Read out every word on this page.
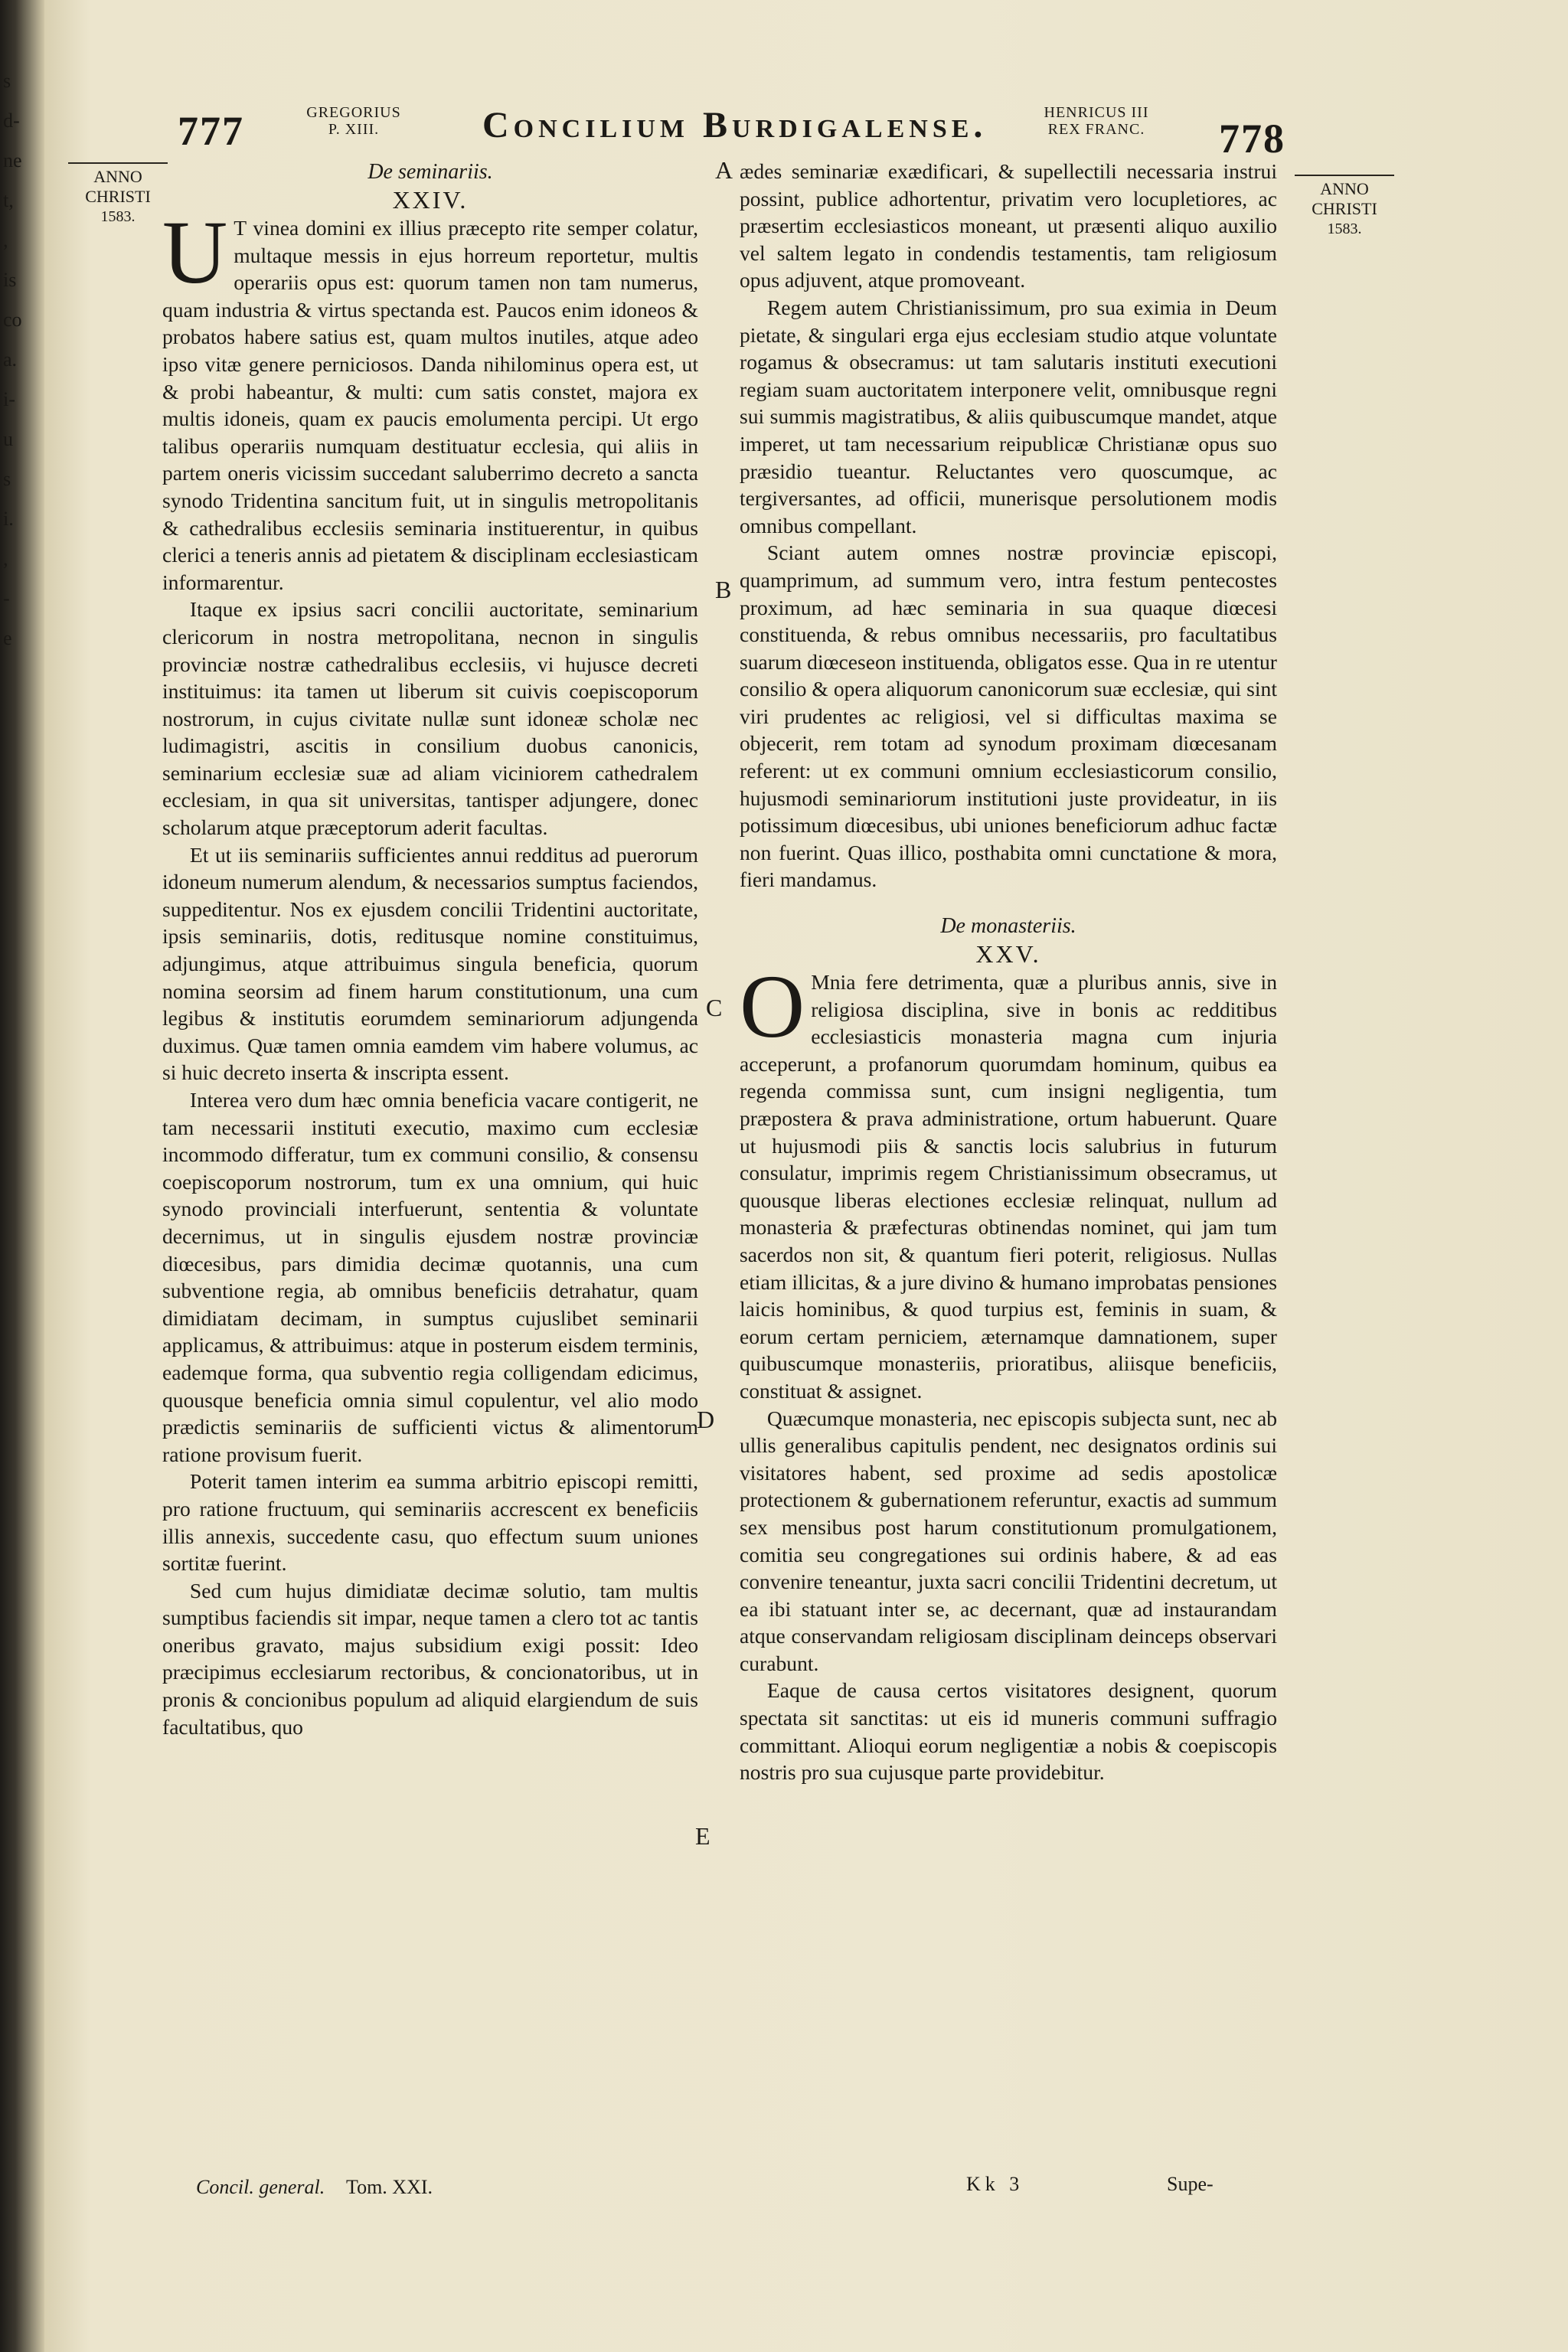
s
d-
ne
t,
,
is
co
a.
i-
u
s
i.
,
-
e
777	GREGORIUS
P. XIII.	Concilium Burdigalense.	HENRICUS III
REX FRANC.	778
ANNO
CHRISTI
1583.
ANNO
CHRISTI
1583.
De seminariis.
XXIV.

U T vinea domini ex illius præcepto rite semper colatur, multaque messis in ejus horreum reportetur, multis operariis opus est: quorum tamen non tam numerus, quam industria & virtus spectanda est. Paucos enim idoneos & probatos habere satius est, quam multos inutiles, atque adeo ipso vitæ genere perniciosos. Danda nihilominus opera est, ut & probi habeantur, & multi: cum satis constet, majora ex multis idoneis, quam ex paucis emolumenta percipi. Ut ergo talibus operariis numquam destituatur ecclesia, qui aliis in partem oneris vicissim succedant saluberrimo decreto a sancta synodo Tridentina sancitum fuit, ut in singulis metropolitanis & cathedralibus ecclesiis seminaria instituerentur, in quibus clerici a teneris annis ad pietatem & disciplinam ecclesiasticam informarentur.

Itaque ex ipsius sacri concilii auctoritate, seminarium clericorum in nostra metropolitana, necnon in singulis provinciæ nostræ cathedralibus ecclesiis, vi hujusce decreti instituimus: ita tamen ut liberum sit cuivis coepiscoporum nostrorum, in cujus civitate nullæ sunt idoneæ scholæ nec ludimagistri, ascitis in consilium duobus canonicis, seminarium ecclesiæ suæ ad aliam viciniorem cathedralem ecclesiam, in qua sit universitas, tantisper adjungere, donec scholarum atque præceptorum aderit facultas.

Et ut iis seminariis sufficientes annui redditus ad puerorum idoneum numerum alendum, & necessarios sumptus faciendos, suppeditentur. Nos ex ejusdem concilii Tridentini auctoritate, ipsis seminariis, dotis, reditusque nomine constituimus, adjungimus, atque attribuimus singula beneficia, quorum nomina seorsim ad finem harum constitutionum, una cum legibus & institutis eorumdem seminariorum adjungenda duximus. Quæ tamen omnia eamdem vim habere volumus, ac si huic decreto inserta & inscripta essent.

Interea vero dum hæc omnia beneficia vacare contigerit, ne tam necessarii instituti executio, maximo cum ecclesiæ incommodo differatur, tum ex communi consilio, & consensu coepiscoporum nostrorum, tum ex una omnium, qui huic synodo provinciali interfuerunt, sententia & voluntate decernimus, ut in singulis ejusdem nostræ provinciæ diœcesibus, pars dimidia decimæ quotannis, una cum subventione regia, ab omnibus beneficiis detrahatur, quam dimidiatam decimam, in sumptus cujuslibet seminarii applicamus, & attribuimus: atque in posterum eisdem terminis, eademque forma, qua subventio regia colligendam edicimus, quousque beneficia omnia simul copulentur, vel alio modo prædictis seminariis de sufficienti victus & alimentorum ratione provisum fuerit.

Poterit tamen interim ea summa arbitrio episcopi remitti, pro ratione fructuum, qui seminariis accrescent ex beneficiis illis annexis, succedente casu, quo effectum suum uniones sortitæ fuerint.

Sed cum hujus dimidiatæ decimæ solutio, tam multis sumptibus faciendis sit impar, neque tamen a clero tot ac tantis oneribus gravato, majus subsidium exigi possit: Ideo præcipimus ecclesiarum rectoribus, & concionatoribus, ut in pronis & concionibus populum ad aliquid elargiendum de suis facultatibus, quo

ædes seminariæ exædificari, & supellectili necessaria instrui possint, publice adhortentur, privatim vero locupletiores, ac præsertim ecclesiasticos moneant, ut præsenti aliquo auxilio vel saltem legato in condendis testamentis, tam religiosum opus adjuvent, atque promoveant.

Regem autem Christianissimum, pro sua eximia in Deum pietate, & singulari erga ejus ecclesiam studio atque voluntate rogamus & obsecramus: ut tam salutaris instituti executioni regiam suam auctoritatem interponere velit, omnibusque regni sui summis magistratibus, & aliis quibuscumque mandet, atque imperet, ut tam necessarium reipublicæ Christianæ opus suo præsidio tueantur. Reluctantes vero quoscumque, ac tergiversantes, ad officii, munerisque persolutionem modis omnibus compellant.

Sciant autem omnes nostræ provinciæ episcopi, quamprimum, ad summum vero, intra festum pentecostes proximum, ad hæc seminaria in sua quaque diœcesi constituenda, & rebus omnibus necessariis, pro facultatibus suarum diœceseon instituenda, obligatos esse. Qua in re utentur consilio & opera aliquorum canonicorum suæ ecclesiæ, qui sint viri prudentes ac religiosi, vel si difficultas maxima se objecerit, rem totam ad synodum proximam diœcesanam referent: ut ex communi omnium ecclesiasticorum consilio, hujusmodi seminariorum institutioni juste provideatur, in iis potissimum diœcesibus, ubi uniones beneficiorum adhuc factæ non fuerint. Quas illico, posthabita omni cunctatione & mora, fieri mandamus.

De monasteriis.
XXV.

O Mnia fere detrimenta, quæ a pluribus annis, sive in religiosa disciplina, sive in bonis ac redditibus ecclesiasticis monasteria magna cum injuria acceperunt, a profanorum quorumdam hominum, quibus ea regenda commissa sunt, cum insigni negligentia, tum præpostera & prava administratione, ortum habuerunt. Quare ut hujusmodi piis & sanctis locis salubrius in futurum consulatur, imprimis regem Christianissimum obsecramus, ut quousque liberas electiones ecclesiæ relinquat, nullum ad monasteria & præfecturas obtinendas nominet, qui jam tum sacerdos non sit, & quantum fieri poterit, religiosus. Nullas etiam illicitas, & a jure divino & humano improbatas pensiones laicis hominibus, & quod turpius est, feminis in suam, & eorum certam perniciem, æternamque damnationem, super quibuscumque monasteriis, prioratibus, aliisque beneficiis, constituat & assignet.

Quæcumque monasteria, nec episcopis subjecta sunt, nec ab ullis generalibus capitulis pendent, nec designatos ordinis sui visitatores habent, sed proxime ad sedis apostolicæ protectionem & gubernationem referuntur, exactis ad summum sex mensibus post harum constitutionum promulgationem, comitia seu congregationes sui ordinis habere, & ad eas convenire teneantur, juxta sacri concilii Tridentini decretum, ut ea ibi statuant inter se, ac decernant, quæ ad instaurandam atque conservandam religiosam disciplinam deinceps observari curabunt.

Eaque de causa certos visitatores designent, quorum spectata sit sanctitas: ut eis id muneris communi suffragio committant. Alioqui eorum negligentiæ a nobis & coepiscopis nostris pro sua cujusque parte providebitur.

A
B
C
D
E
Concil. general. Tom. XXI.	Kk 3	Supe-
